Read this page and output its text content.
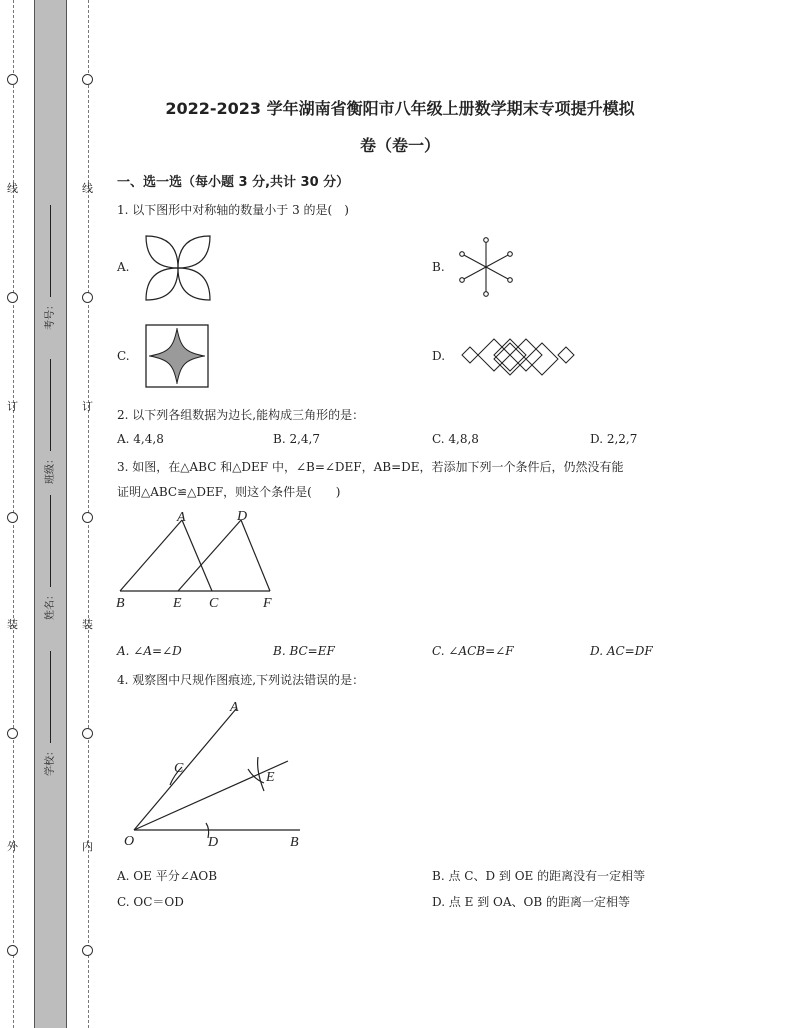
线
订
装
外
线
订
装
内
考号：
班级：
姓名：
学校：
2022-2023 学年湖南省衡阳市八年级上册数学期末专项提升模拟
卷（卷一）
一、选一选（每小题 3 分,共计 30 分）
1. 以下图形中对称轴的数量小于 3 的是(　)
A.	B.
C.	D.
2. 以下列各组数据为边长,能构成三角形的是：
A. 4,4,8	B. 2,4,7	C. 4,8,8	D. 2,2,7
3. 如图，在△ABC 和△DEF 中，∠B=∠DEF，AB=DE，若添加下列一个条件后，仍然没有能
证明△ABC≌△DEF，则这个条件是(　　)
A	D
B	E C	F
A. ∠A=∠D	B. BC=EF	C. ∠ACB=∠F	D. AC=DF
4. 观察图中尺规作图痕迹,下列说法错误的是：
A
C
E
O	D	B
A. OE 平分∠AOB	B. 点 C、D 到 OE 的距离没有一定相等
C. OC＝OD	D. 点 E 到 OA、OB 的距离一定相等
